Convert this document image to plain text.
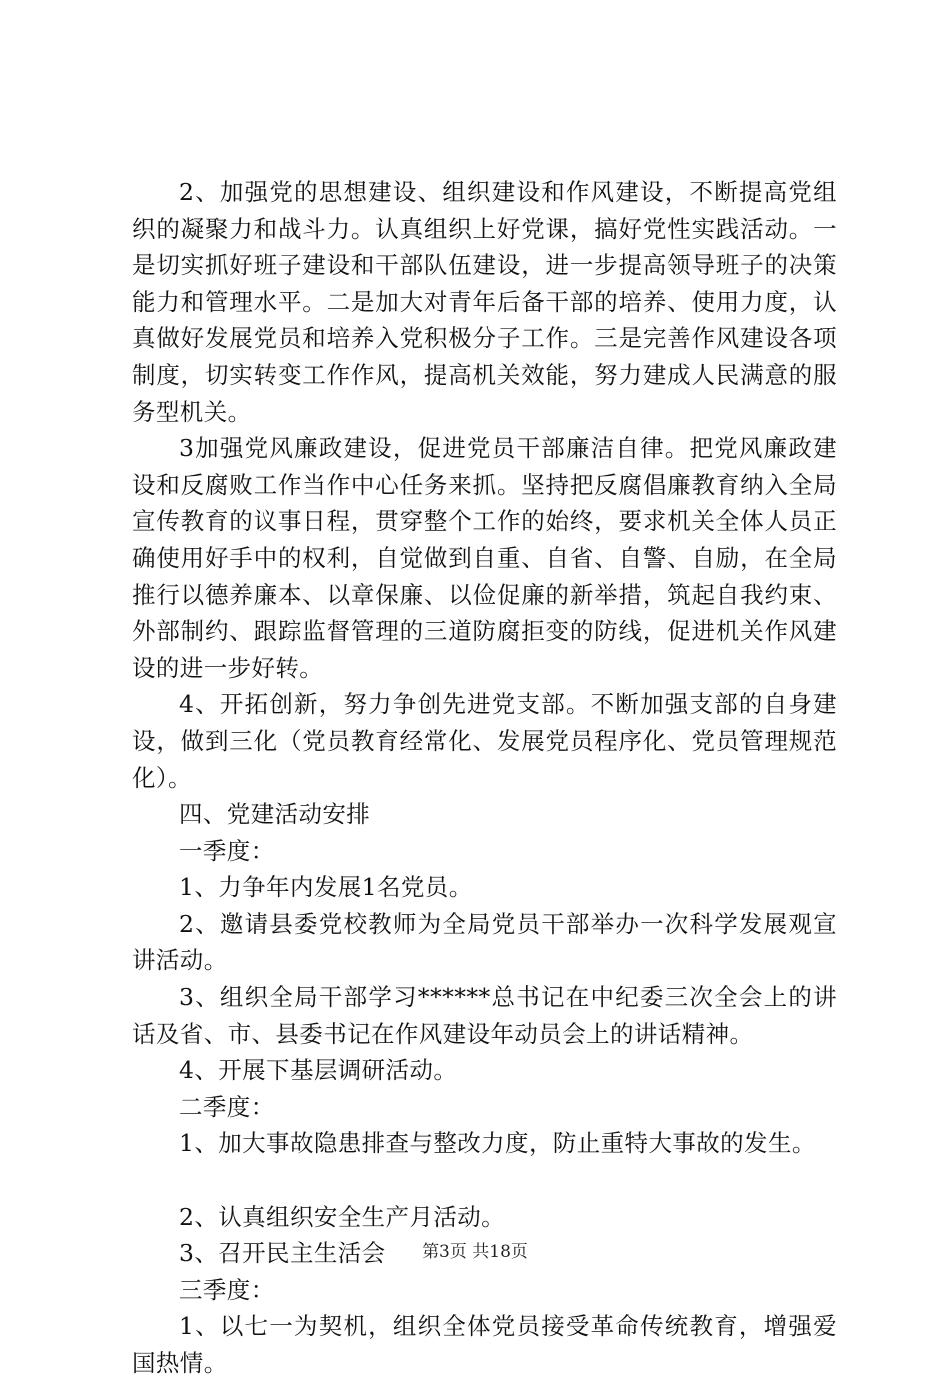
2、加强党的思想建设、组织建设和作风建设，不断提高党组织的凝聚力和战斗力。认真组织上好党课，搞好党性实践活动。一是切实抓好班子建设和干部队伍建设，进一步提高领导班子的决策能力和管理水平。二是加大对青年后备干部的培养、使用力度，认真做好发展党员和培养入党积极分子工作。三是完善作风建设各项制度，切实转变工作作风，提高机关效能，努力建成人民满意的服务型机关。

3加强党风廉政建设，促进党员干部廉洁自律。把党风廉政建设和反腐败工作当作中心任务来抓。坚持把反腐倡廉教育纳入全局宣传教育的议事日程，贯穿整个工作的始终，要求机关全体人员正确使用好手中的权利，自觉做到自重、自省、自警、自励，在全局推行以德养廉本、以章保廉、以俭促廉的新举措，筑起自我约束、外部制约、跟踪监督管理的三道防腐拒变的防线，促进机关作风建设的进一步好转。

4、开拓创新，努力争创先进党支部。不断加强支部的自身建设，做到三化（党员教育经常化、发展党员程序化、党员管理规范化）。

四、党建活动安排

一季度：

1、力争年内发展1名党员。

2、邀请县委党校教师为全局党员干部举办一次科学发展观宣讲活动。

3、组织全局干部学习******总书记在中纪委三次全会上的讲话及省、市、县委书记在作风建设年动员会上的讲话精神。

4、开展下基层调研活动。

二季度：

1、加大事故隐患排查与整改力度，防止重特大事故的发生。

2、认真组织安全生产月活动。

3、召开民主生活会

三季度：

1、以七一为契机，组织全体党员接受革命传统教育，增强爱国热情。

第3页 共18页
